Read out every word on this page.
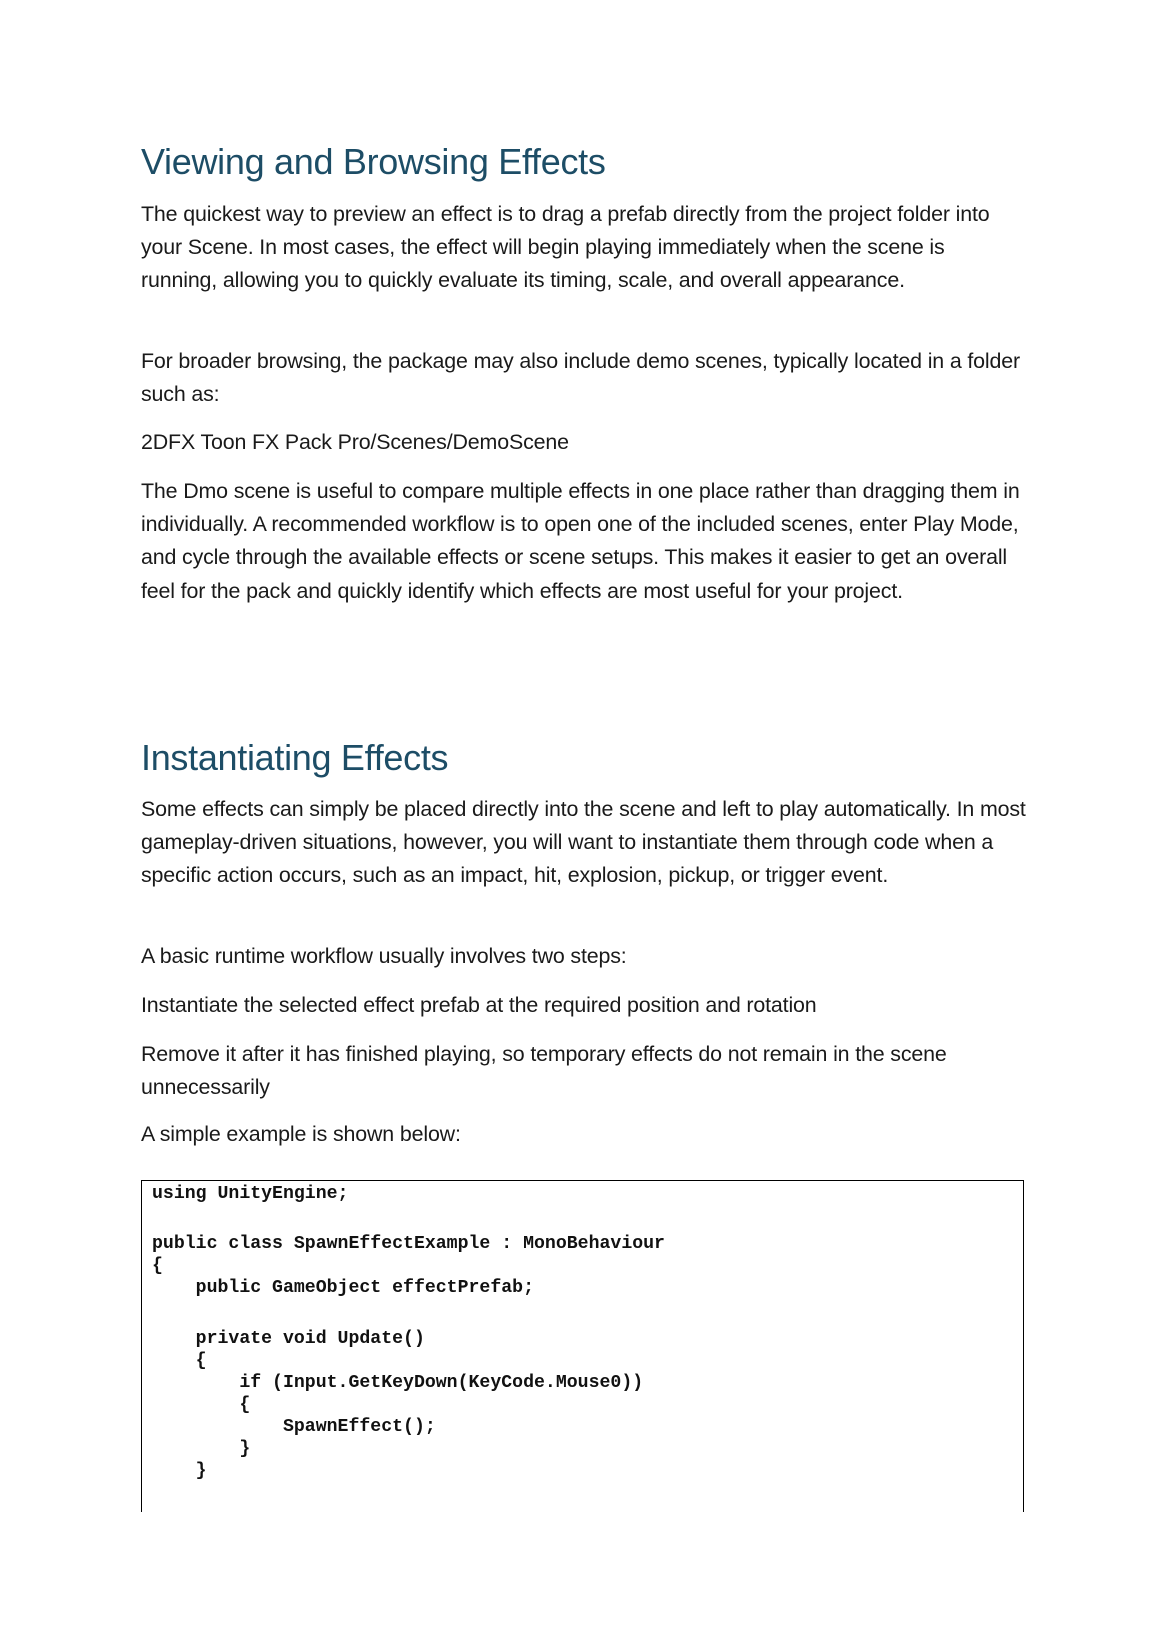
Viewing and Browsing Effects

The quickest way to preview an effect is to drag a prefab directly from the project folder into your Scene. In most cases, the effect will begin playing immediately when the scene is running, allowing you to quickly evaluate its timing, scale, and overall appearance.

For broader browsing, the package may also include demo scenes, typically located in a folder such as:

2DFX Toon FX Pack Pro/Scenes/DemoScene

The Dmo scene is useful to compare multiple effects in one place rather than dragging them in individually. A recommended workflow is to open one of the included scenes, enter Play Mode, and cycle through the available effects or scene setups. This makes it easier to get an overall feel for the pack and quickly identify which effects are most useful for your project.

Instantiating Effects

Some effects can simply be placed directly into the scene and left to play automatically. In most gameplay-driven situations, however, you will want to instantiate them through code when a specific action occurs, such as an impact, hit, explosion, pickup, or trigger event.

A basic runtime workflow usually involves two steps:

Instantiate the selected effect prefab at the required position and rotation

Remove it after it has finished playing, so temporary effects do not remain in the scene unnecessarily

A simple example is shown below:

using UnityEngine;
public class SpawnEffectExample : MonoBehaviour
{
public GameObject effectPrefab;
private void Update()
{
if (Input.GetKeyDown(KeyCode.Mouse0))
{
SpawnEffect();
}
}
